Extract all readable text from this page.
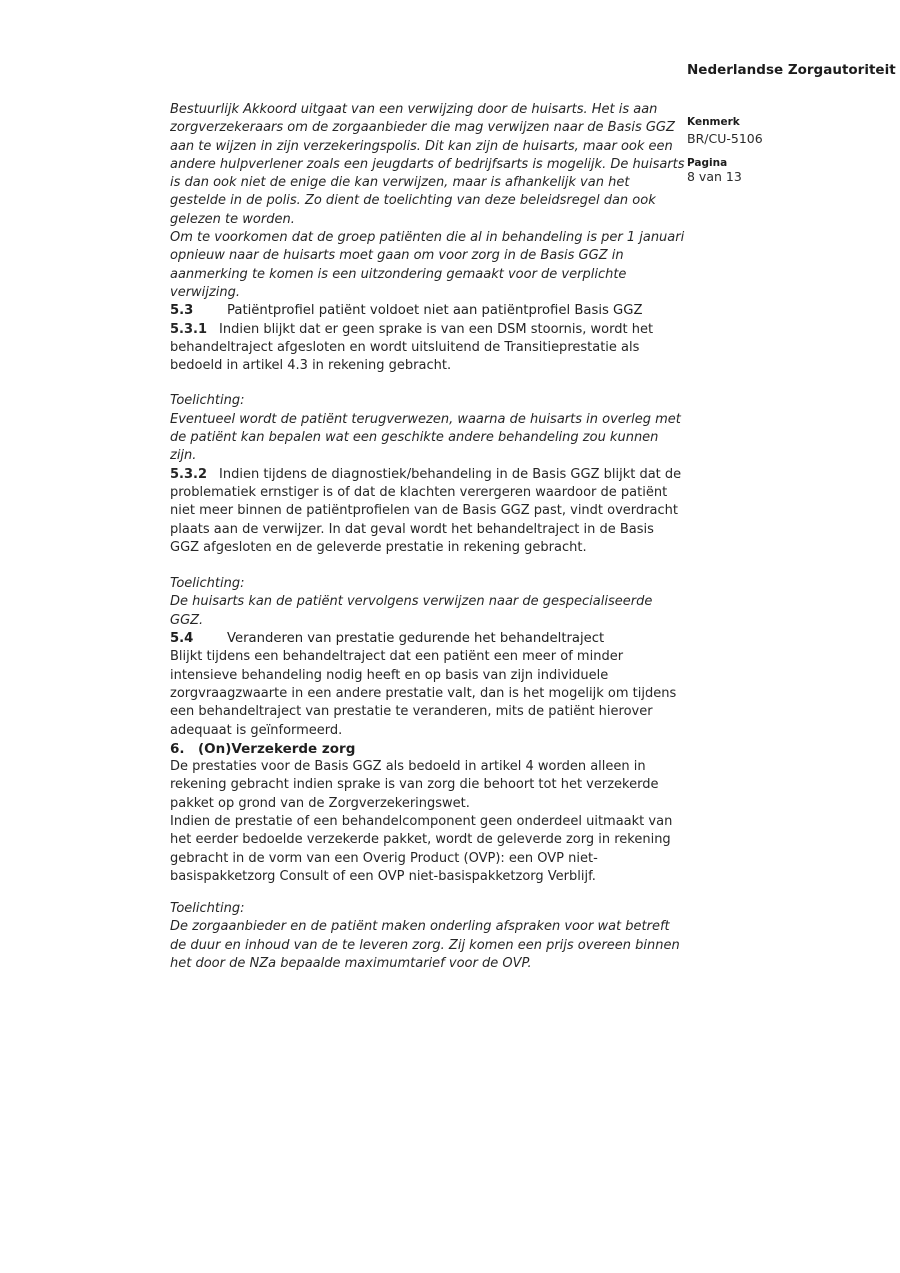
Nederlandse Zorgautoriteit
Kenmerk
BR/CU-5106
Pagina
8 van 13

Bestuurlijk Akkoord uitgaat van een verwijzing door de huisarts. Het is aan zorgverzekeraars om de zorgaanbieder die mag verwijzen naar de Basis GGZ aan te wijzen in zijn verzekeringspolis. Dit kan zijn de huisarts, maar ook een andere hulpverlener zoals een jeugdarts of bedrijfsarts is mogelijk. De huisarts is dan ook niet de enige die kan verwijzen, maar is afhankelijk van het gestelde in de polis. Zo dient de toelichting van deze beleidsregel dan ook gelezen te worden.

Om te voorkomen dat de groep patiënten die al in behandeling is per 1 januari opnieuw naar de huisarts moet gaan om voor zorg in de Basis GGZ in aanmerking te komen is een uitzondering gemaakt voor de verplichte verwijzing.

5.3	Patiëntprofiel patiënt voldoet niet aan patiëntprofiel Basis GGZ

5.3.1 Indien blijkt dat er geen sprake is van een DSM stoornis, wordt het behandeltraject afgesloten en wordt uitsluitend de Transitieprestatie als bedoeld in artikel 4.3 in rekening gebracht.

Toelichting:
Eventueel wordt de patiënt terugverwezen, waarna de huisarts in overleg met de patiënt kan bepalen wat een geschikte andere behandeling zou kunnen zijn.

5.3.2 Indien tijdens de diagnostiek/behandeling in de Basis GGZ blijkt dat de problematiek ernstiger is of dat de klachten verergeren waardoor de patiënt niet meer binnen de patiëntprofielen van de Basis GGZ past, vindt overdracht plaats aan de verwijzer. In dat geval wordt het behandeltraject in de Basis GGZ afgesloten en de geleverde prestatie in rekening gebracht.

Toelichting:
De huisarts kan de patiënt vervolgens verwijzen naar de gespecialiseerde GGZ.
5.4	Veranderen van prestatie gedurende het behandeltraject

Blijkt tijdens een behandeltraject dat een patiënt een meer of minder intensieve behandeling nodig heeft en op basis van zijn individuele zorgvraagzwaarte in een andere prestatie valt, dan is het mogelijk om tijdens een behandeltraject van prestatie te veranderen, mits de patiënt hierover adequaat is geïnformeerd.

6. (On)Verzekerde zorg

De prestaties voor de Basis GGZ als bedoeld in artikel 4 worden alleen in rekening gebracht indien sprake is van zorg die behoort tot het verzekerde pakket op grond van de Zorgverzekeringswet.

Indien de prestatie of een behandelcomponent geen onderdeel uitmaakt van het eerder bedoelde verzekerde pakket, wordt de geleverde zorg in rekening gebracht in de vorm van een Overig Product (OVP): een OVP niet-basispakketzorg Consult of een OVP niet-basispakketzorg Verblijf.

Toelichting:
De zorgaanbieder en de patiënt maken onderling afspraken voor wat betreft de duur en inhoud van de te leveren zorg. Zij komen een prijs overeen binnen het door de NZa bepaalde maximumtarief voor de OVP.
